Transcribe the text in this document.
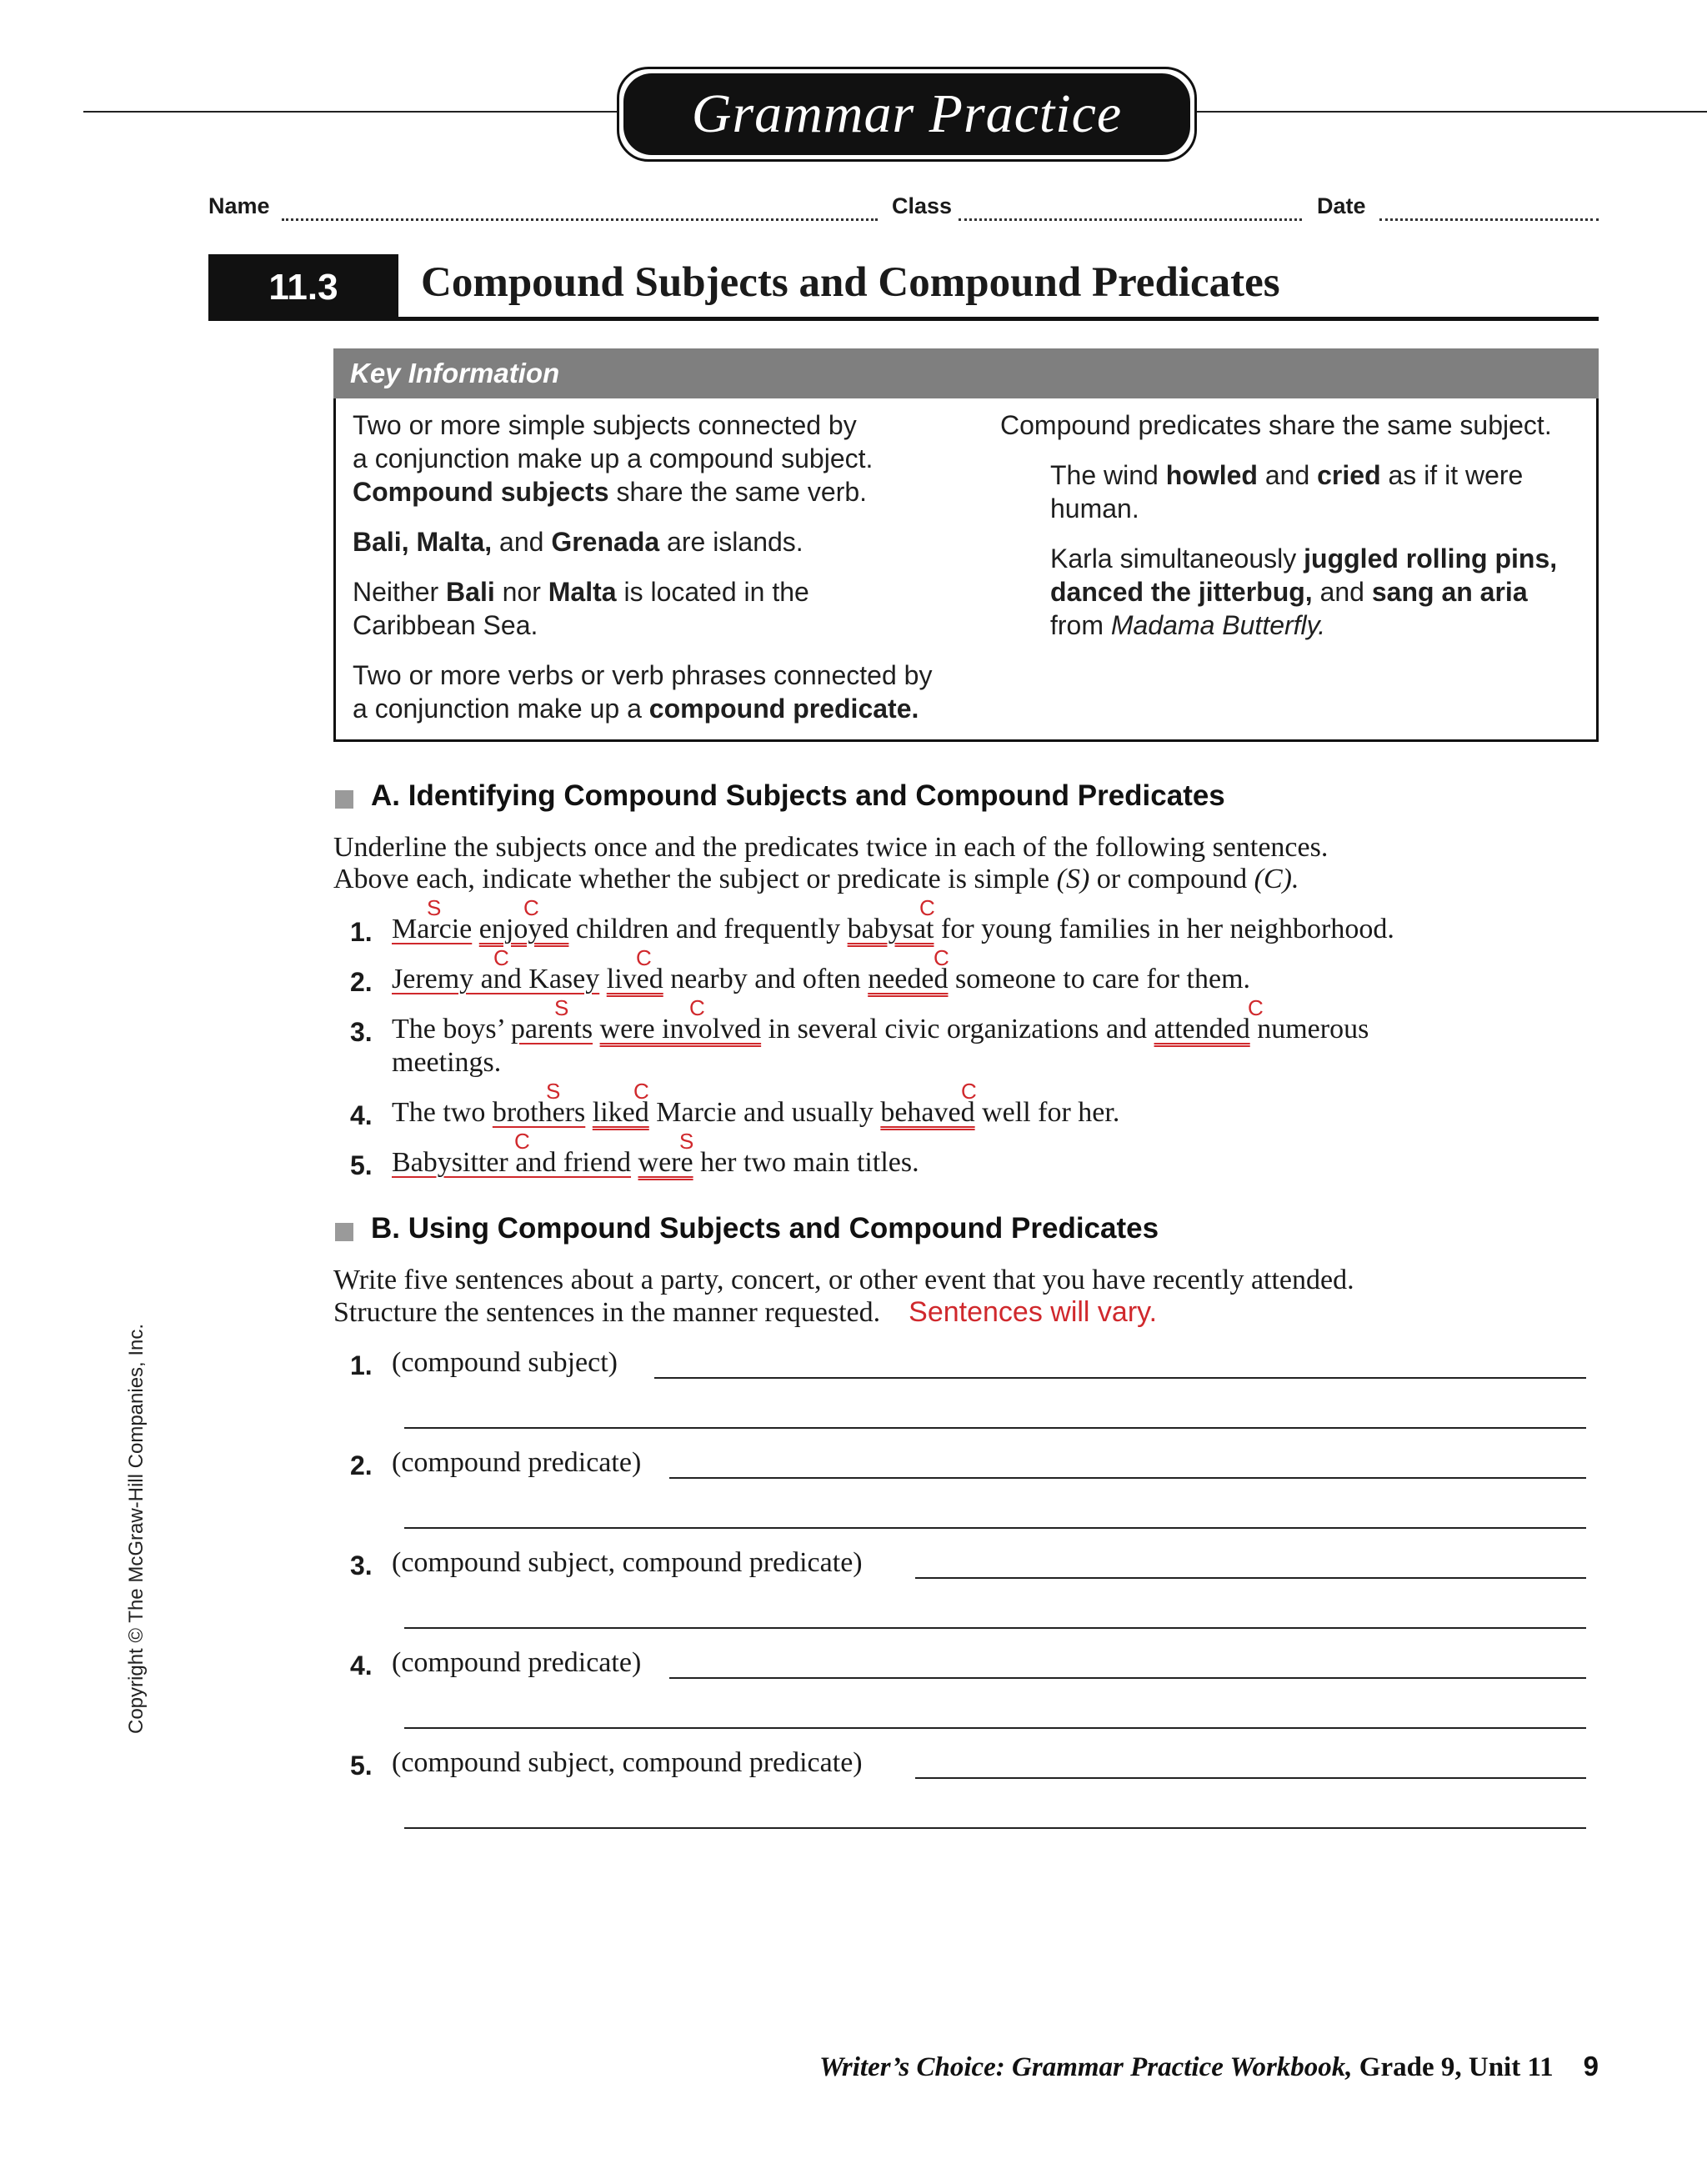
Grammar Practice
Name	Class	Date
11.3	Compound Subjects and Compound Predicates
Key Information
Two or more simple subjects connected by
a conjunction make up a compound subject.
Compound subjects share the same verb.
Bali, Malta, and Grenada are islands.
Neither Bali nor Malta is located in the
Caribbean Sea.
Two or more verbs or verb phrases connected by
a conjunction make up a compound predicate.
Compound predicates share the same subject.
The wind howled and cried as if it were
human.
Karla simultaneously juggled rolling pins,
danced the jitterbug, and sang an aria
from Madama Butterfly.
A. Identifying Compound Subjects and Compound Predicates
Underline the subjects once and the predicates twice in each of the following sentences.
Above each, indicate whether the subject or predicate is simple (S) or compound (C).
1. Marcie enjoyed children and frequently babysat for young families in her neighborhood.
S	C	C
2. Jeremy and Kasey lived nearby and often needed someone to care for them.
C	C	C
3. The boys’ parents were involved in several civic organizations and attended numerous
meetings.
S	C	C
4. The two brothers liked Marcie and usually behaved well for her.
S	C	C
5. Babysitter and friend were her two main titles.
C	S
B. Using Compound Subjects and Compound Predicates
Write five sentences about a party, concert, or other event that you have recently attended.
Structure the sentences in the manner requested. Sentences will vary.
1. (compound subject)
2. (compound predicate)
3. (compound subject, compound predicate)
4. (compound predicate)
5. (compound subject, compound predicate)
Copyright © The McGraw-Hill Companies, Inc.
Writer’s Choice: Grammar Practice Workbook, Grade 9, Unit 11 9
